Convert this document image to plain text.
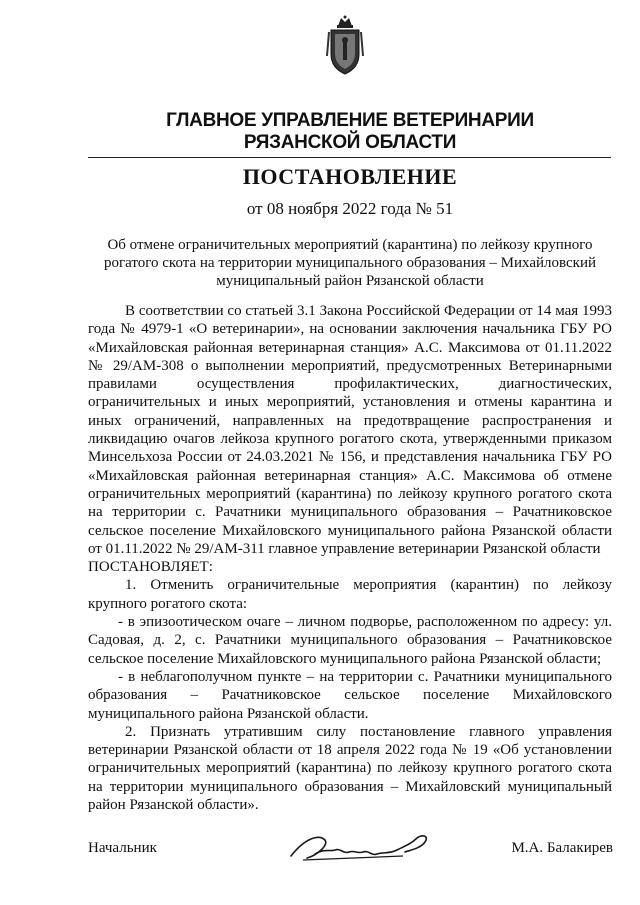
ГЛАВНОЕ УПРАВЛЕНИЕ ВЕТЕРИНАРИИ
РЯЗАНСКОЙ ОБЛАСТИ
ПОСТАНОВЛЕНИЕ
от 08 ноября 2022 года № 51
Об отмене ограничительных мероприятий (карантина) по лейкозу крупного рогатого скота на территории муниципального образования – Михайловский муниципальный район Рязанской области

В соответствии со статьей 3.1 Закона Российской Федерации от 14 мая 1993 года № 4979-1 «О ветеринарии», на основании заключения начальника ГБУ РО «Михайловская районная ветеринарная станция» А.С. Максимова от 01.11.2022 № 29/АМ-308 о выполнении мероприятий, предусмотренных Ветеринарными правилами осуществления профилактических, диагностических, ограничительных и иных мероприятий, установления и отмены карантина и иных ограничений, направленных на предотвращение распространения и ликвидацию очагов лейкоза крупного рогатого скота, утвержденными приказом Минсельхоза России от 24.03.2021 № 156, и представления начальника ГБУ РО «Михайловская районная ветеринарная станция» А.С. Максимова об отмене ограничительных мероприятий (карантина) по лейкозу крупного рогатого скота на территории с. Рачатники муниципального образования – Рачатниковское сельское поселение Михайловского муниципального района Рязанской области от 01.11.2022 № 29/АМ-311 главное управление ветеринарии Рязанской области

ПОСТАНОВЛЯЕТ:

1. Отменить ограничительные мероприятия (карантин) по лейкозу крупного рогатого скота:

- в эпизоотическом очаге – личном подворье, расположенном по адресу: ул. Садовая, д. 2, с. Рачатники муниципального образования – Рачатниковское сельское поселение Михайловского муниципального района Рязанской области;

- в неблагополучном пункте – на территории с. Рачатники муниципального образования – Рачатниковское сельское поселение Михайловского муниципального района Рязанской области.

2. Признать утратившим силу постановление главного управления ветеринарии Рязанской области от 18 апреля 2022 года № 19 «Об установлении ограничительных мероприятий (карантина) по лейкозу крупного рогатого скота на территории муниципального образования – Михайловский муниципальный район Рязанской области».

Начальник	М.А. Балакирев
